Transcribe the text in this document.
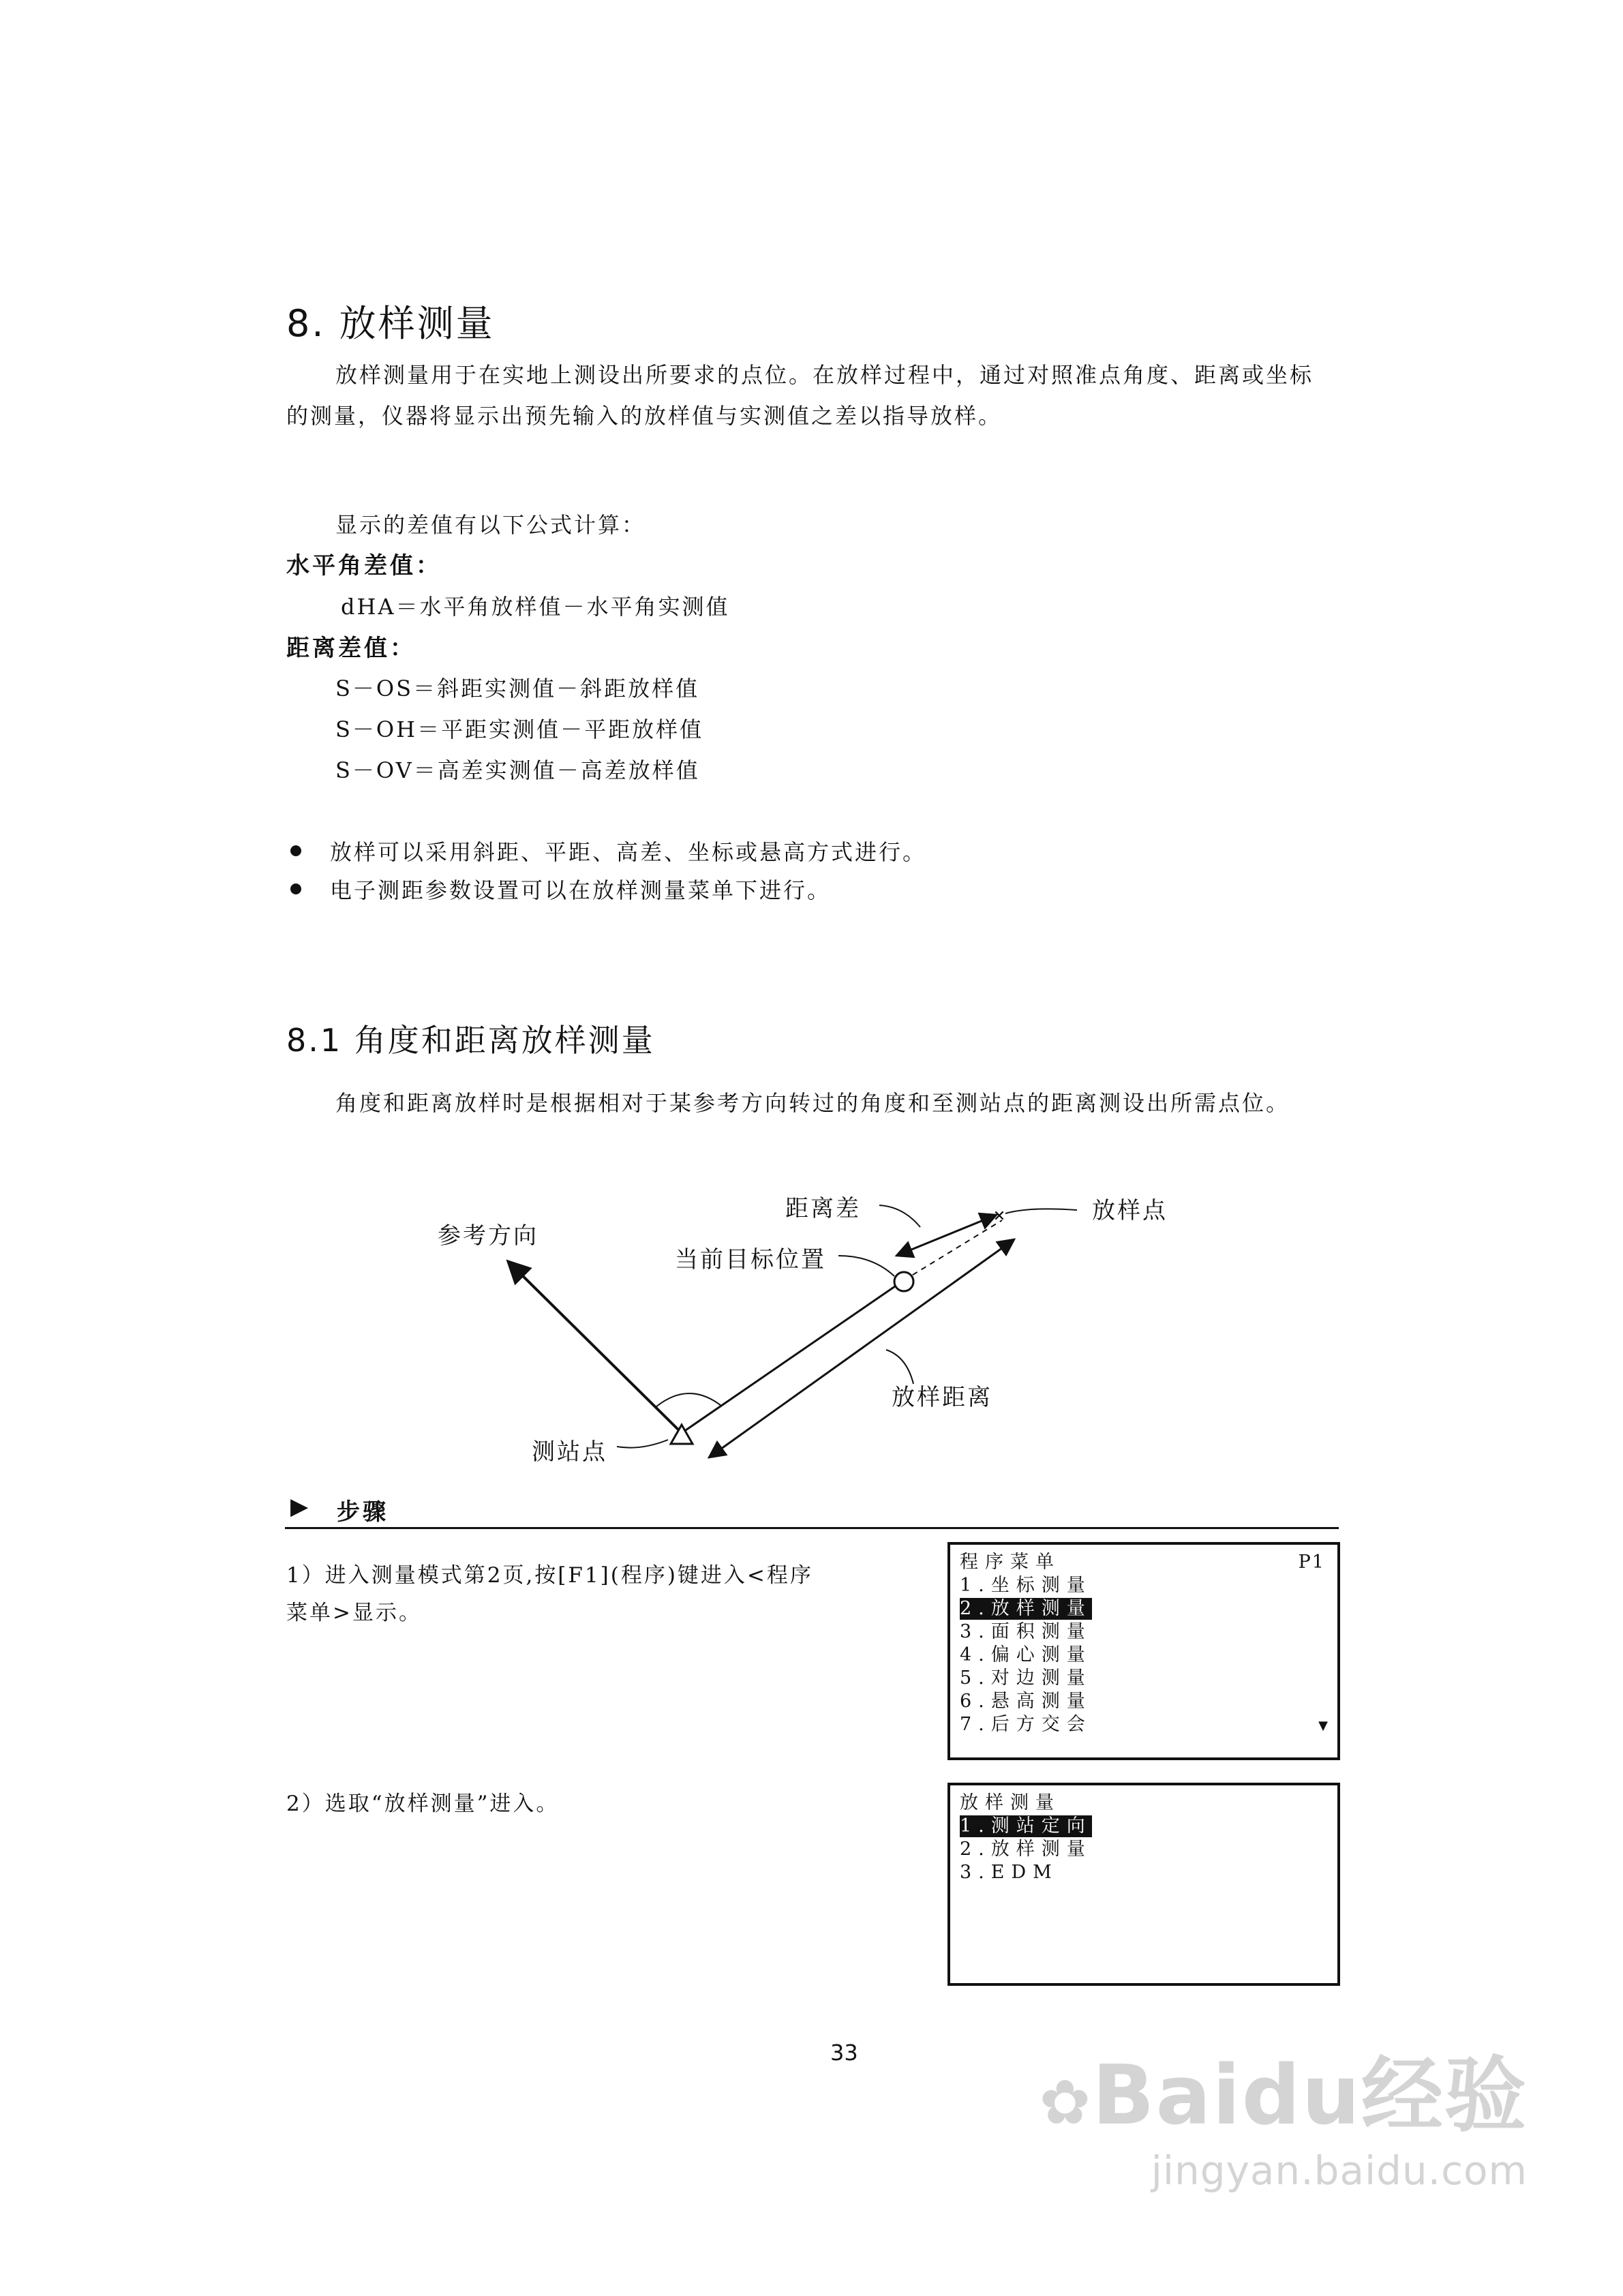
8. 放样测量
放样测量用于在实地上测设出所要求的点位。在放样过程中，通过对照准点角度、距离或坐标的测量，仪器将显示出预先输入的放样值与实测值之差以指导放样。
显示的差值有以下公式计算：
水平角差值：
dHA＝水平角放样值－水平角实测值
距离差值：
S－OS＝斜距实测值－斜距放样值
S－OH＝平距实测值－平距放样值
S－OV＝高差实测值－高差放样值
放样可以采用斜距、平距、高差、坐标或悬高方式进行。
电子测距参数设置可以在放样测量菜单下进行。
8.1 角度和距离放样测量
角度和距离放样时是根据相对于某参考方向转过的角度和至测站点的距离测设出所需点位。
✕
参考方向
距离差	放样点
当前目标位置
放样距离
测站点
▶ 步骤
1）进入测量模式第2页,按[F1](程序)键进入<程序
菜单>显示。
2）选取“放样测量”进入。
程序菜单	P1
1.坐标测量
2.放样测量
3.面积测量
4.偏心测量
5.对边测量
6.悬高测量
7.后方交会	▼
放样测量
1.测站定向
2.放样测量
3.EDM
33
✿Baidu经验
jingyan.baidu.com
